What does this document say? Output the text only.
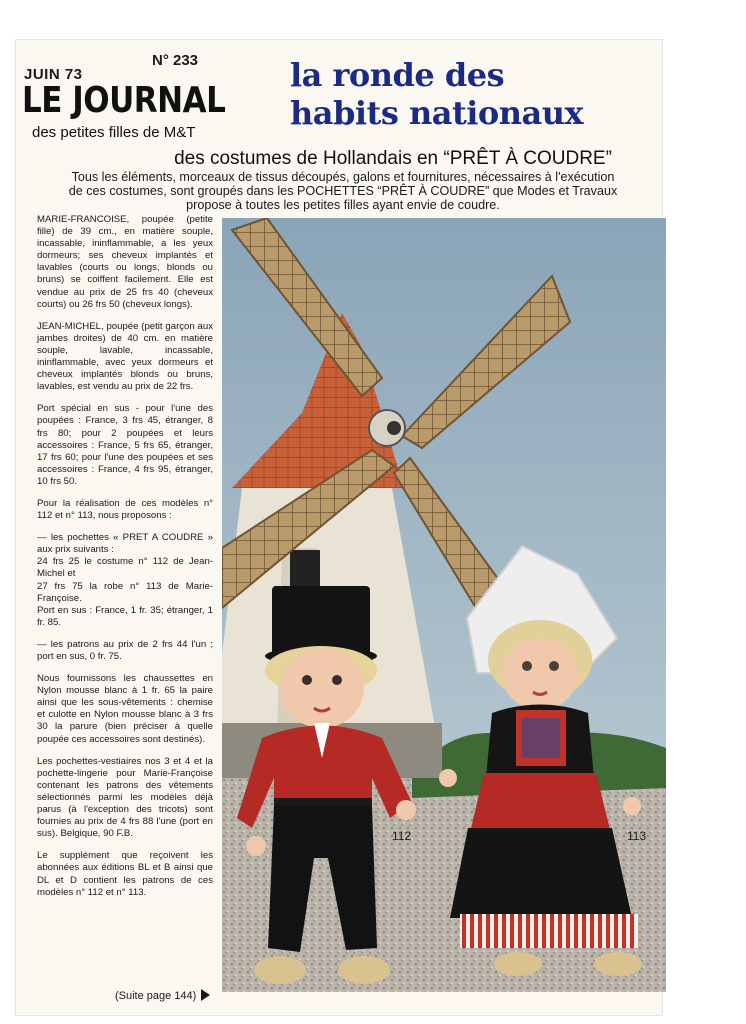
JUIN 73
N° 233
LE JOURNAL
des petites filles de M&T
la ronde des
habits nationaux
des costumes de Hollandais en “PRÊT À COUDRE”
Tous les éléments, morceaux de tissus découpés, galons et fournitures, nécessaires à l'exécution
de ces costumes, sont groupés dans les POCHETTES “PRÊT À COUDRE” que Modes et Travaux
propose à toutes les petites filles ayant envie de coudre.

MARIE-FRANCOISE, poupée (petite fille) de 39 cm., en matière souple, incassable, ininflammable, a les yeux dormeurs; ses cheveux implantés et lavables (courts ou longs, blonds ou bruns) se coiffent facilement. Elle est vendue au prix de 25 frs 40 (cheveux courts) ou 26 frs 50 (cheveux longs).

JEAN-MICHEL, poupée (petit garçon aux jambes droites) de 40 cm. en matière souple, lavable, incassable, ininflammable, avec yeux dormeurs et cheveux implantés blonds ou bruns, lavables, est vendu au prix de 22 frs.

Port spécial en sus - pour l'une des poupées : France, 3 frs 45, étranger, 8 frs 80; pour 2 poupées et leurs accessoires : France, 5 frs 65, étranger, 17 frs 60; pour l'une des poupées et ses accessoires : France, 4 frs 95, étranger, 10 frs 50.

Pour la réalisation de ces modèles n° 112 et n° 113, nous proposons :

— les pochettes « PRET A COUDRE » aux prix suivants :

24 frs 25 le costume n° 112 de Jean-Michel et

27 frs 75 la robe n° 113 de Marie-Françoise.

Port en sus : France, 1 fr. 35; étranger, 1 fr. 85.

— les patrons au prix de 2 frs 44 l'un ; port en sus, 0 fr. 75.

Nous fournissons les chaussettes en Nylon mousse blanc à 1 fr. 65 la paire ainsi que les sous-vêtements : chemise et culotte en Nylon mousse blanc à 3 frs 30 la parure (bien préciser à quelle poupée ces accessoires sont destinés).

Les pochettes-vestiaires nos 3 et 4 et la pochette-lingerie pour Marie-Françoise contenant les patrons des vêtements sélectionnés parmi les modèles déjà parus (à l'exception des tricots) sont fournies au prix de 4 frs 88 l'une (port en sus). Belgique, 90 F.B.

Le supplément que reçoivent les abonnées aux éditions BL et B ainsi que DL et D contient les patrons de ces modèles n° 112 et n° 113.

(Suite page 144)
112	113
